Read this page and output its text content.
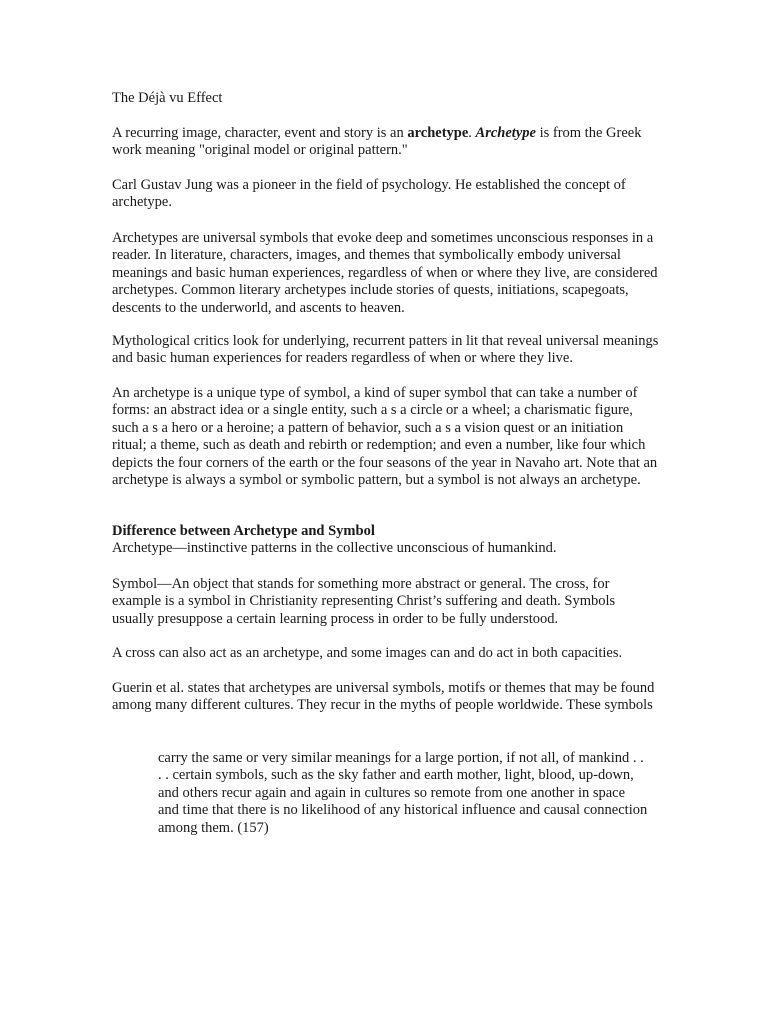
The Déjà vu Effect

A recurring image, character, event and story is an archetype. Archetype is from the Greek work meaning "original model or original pattern."

Carl Gustav Jung was a pioneer in the field of psychology. He established the concept of archetype.

Archetypes are universal symbols that evoke deep and sometimes unconscious responses in a reader. In literature, characters, images, and themes that symbolically embody universal meanings and basic human experiences, regardless of when or where they live, are considered archetypes. Common literary archetypes include stories of quests, initiations, scapegoats, descents to the underworld, and ascents to heaven.

Mythological critics look for underlying, recurrent patters in lit that reveal universal meanings and basic human experiences for readers regardless of when or where they live.

An archetype is a unique type of symbol, a kind of super symbol that can take a number of forms: an abstract idea or a single entity, such a s a circle or a wheel; a charismatic figure, such a s a hero or a heroine; a pattern of behavior, such a s a vision quest or an initiation ritual; a theme, such as death and rebirth or redemption; and even a number, like four which depicts the four corners of the earth or the four seasons of the year in Navaho art. Note that an archetype is always a symbol or symbolic pattern, but a symbol is not always an archetype.

Difference between Archetype and Symbol

Archetype—instinctive patterns in the collective unconscious of humankind.

Symbol—An object that stands for something more abstract or general. The cross, for example is a symbol in Christianity representing Christ’s suffering and death. Symbols usually presuppose a certain learning process in order to be fully understood.

A cross can also act as an archetype, and some images can and do act in both capacities.

Guerin et al. states that archetypes are universal symbols, motifs or themes that may be found among many different cultures. They recur in the myths of people worldwide. These symbols

carry the same or very similar meanings for a large portion, if not all, of mankind . . . . certain symbols, such as the sky father and earth mother, light, blood, up-down, and others recur again and again in cultures so remote from one another in space and time that there is no likelihood of any historical influence and causal connection among them. (157)
